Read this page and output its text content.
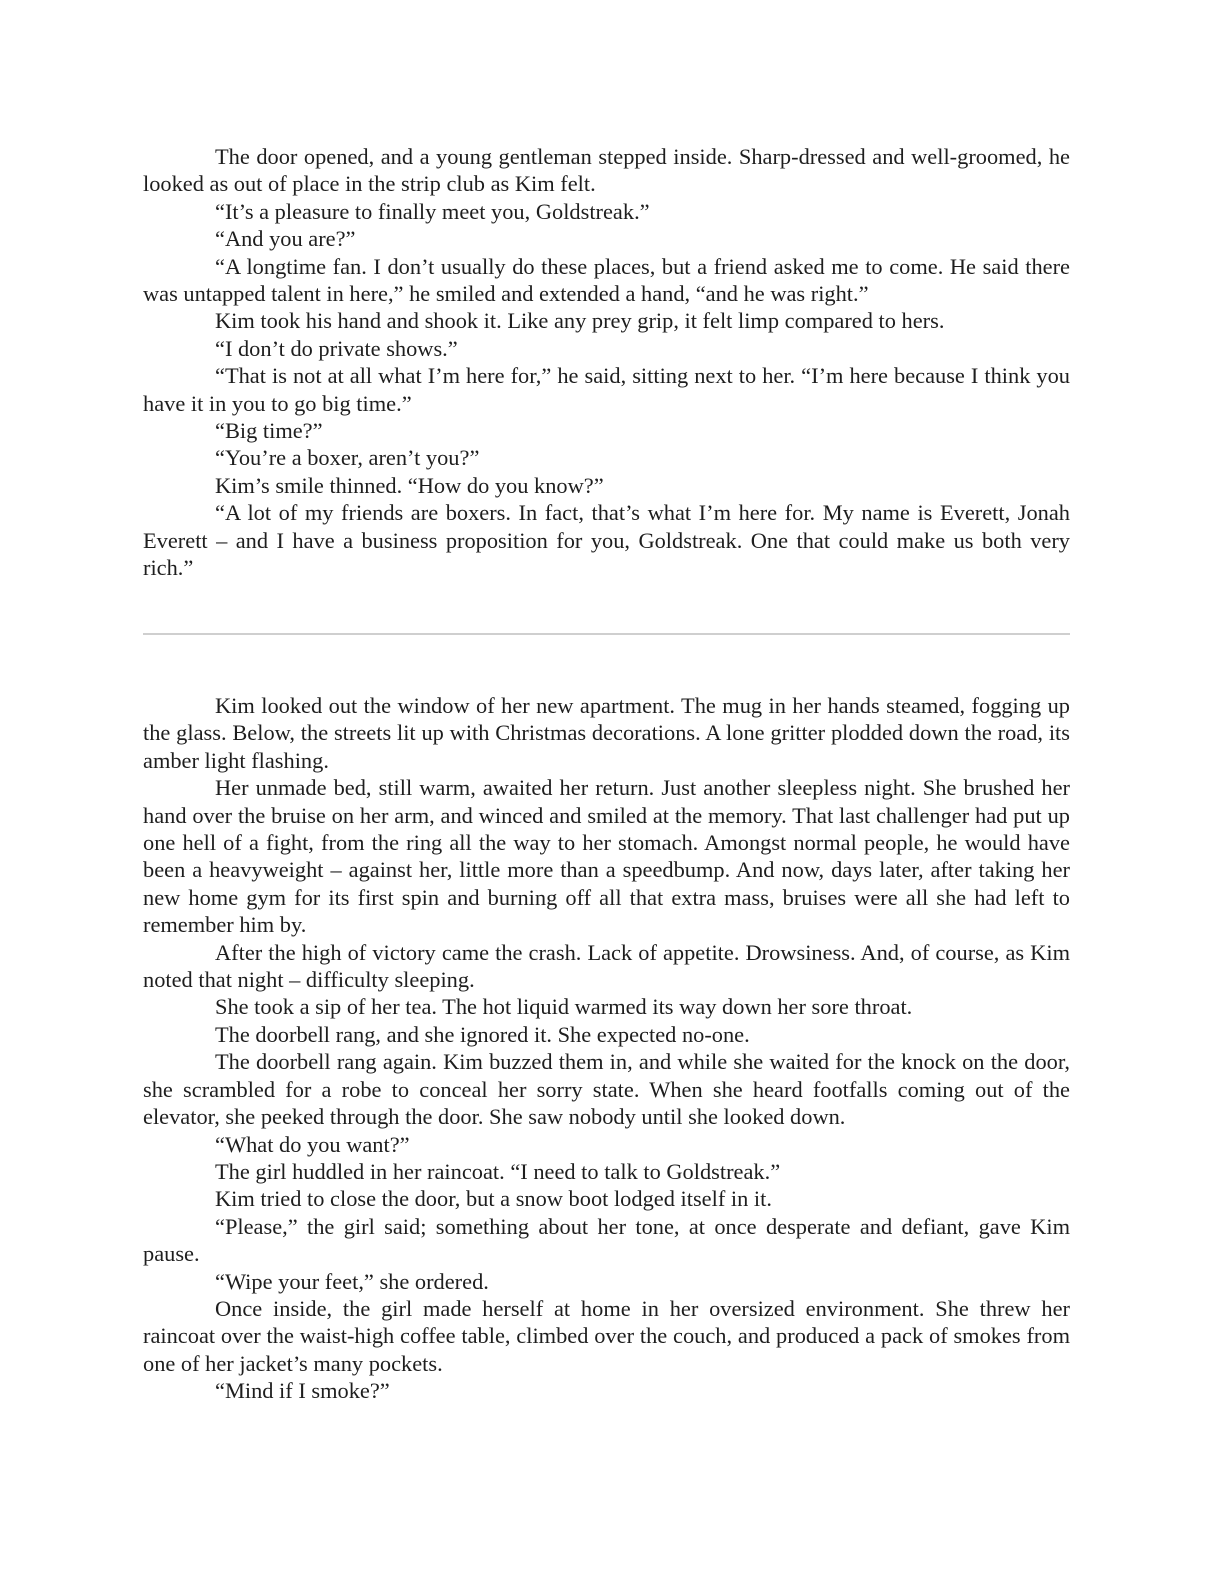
The door opened, and a young gentleman stepped inside. Sharp-dressed and well-groomed, he looked as out of place in the strip club as Kim felt.

“It’s a pleasure to finally meet you, Goldstreak.”

“And you are?”

“A longtime fan. I don’t usually do these places, but a friend asked me to come. He said there was untapped talent in here,” he smiled and extended a hand, “and he was right.”

Kim took his hand and shook it. Like any prey grip, it felt limp compared to hers.

“I don’t do private shows.”

“That is not at all what I’m here for,” he said, sitting next to her. “I’m here because I think you have it in you to go big time.”

“Big time?”

“You’re a boxer, aren’t you?”

Kim’s smile thinned. “How do you know?”

“A lot of my friends are boxers. In fact, that’s what I’m here for. My name is Everett, Jonah Everett – and I have a business proposition for you, Goldstreak. One that could make us both very rich.”

Kim looked out the window of her new apartment. The mug in her hands steamed, fogging up the glass. Below, the streets lit up with Christmas decorations. A lone gritter plodded down the road, its amber light flashing.

Her unmade bed, still warm, awaited her return. Just another sleepless night. She brushed her hand over the bruise on her arm, and winced and smiled at the memory. That last challenger had put up one hell of a fight, from the ring all the way to her stomach. Amongst normal people, he would have been a heavyweight – against her, little more than a speedbump. And now, days later, after taking her new home gym for its first spin and burning off all that extra mass, bruises were all she had left to remember him by.

After the high of victory came the crash. Lack of appetite. Drowsiness. And, of course, as Kim noted that night – difficulty sleeping.

She took a sip of her tea. The hot liquid warmed its way down her sore throat.

The doorbell rang, and she ignored it. She expected no-one.

The doorbell rang again. Kim buzzed them in, and while she waited for the knock on the door, she scrambled for a robe to conceal her sorry state. When she heard footfalls coming out of the elevator, she peeked through the door. She saw nobody until she looked down.

“What do you want?”

The girl huddled in her raincoat. “I need to talk to Goldstreak.”

Kim tried to close the door, but a snow boot lodged itself in it.

“Please,” the girl said; something about her tone, at once desperate and defiant, gave Kim pause.

“Wipe your feet,” she ordered.

Once inside, the girl made herself at home in her oversized environment. She threw her raincoat over the waist-high coffee table, climbed over the couch, and produced a pack of smokes from one of her jacket’s many pockets.

“Mind if I smoke?”
